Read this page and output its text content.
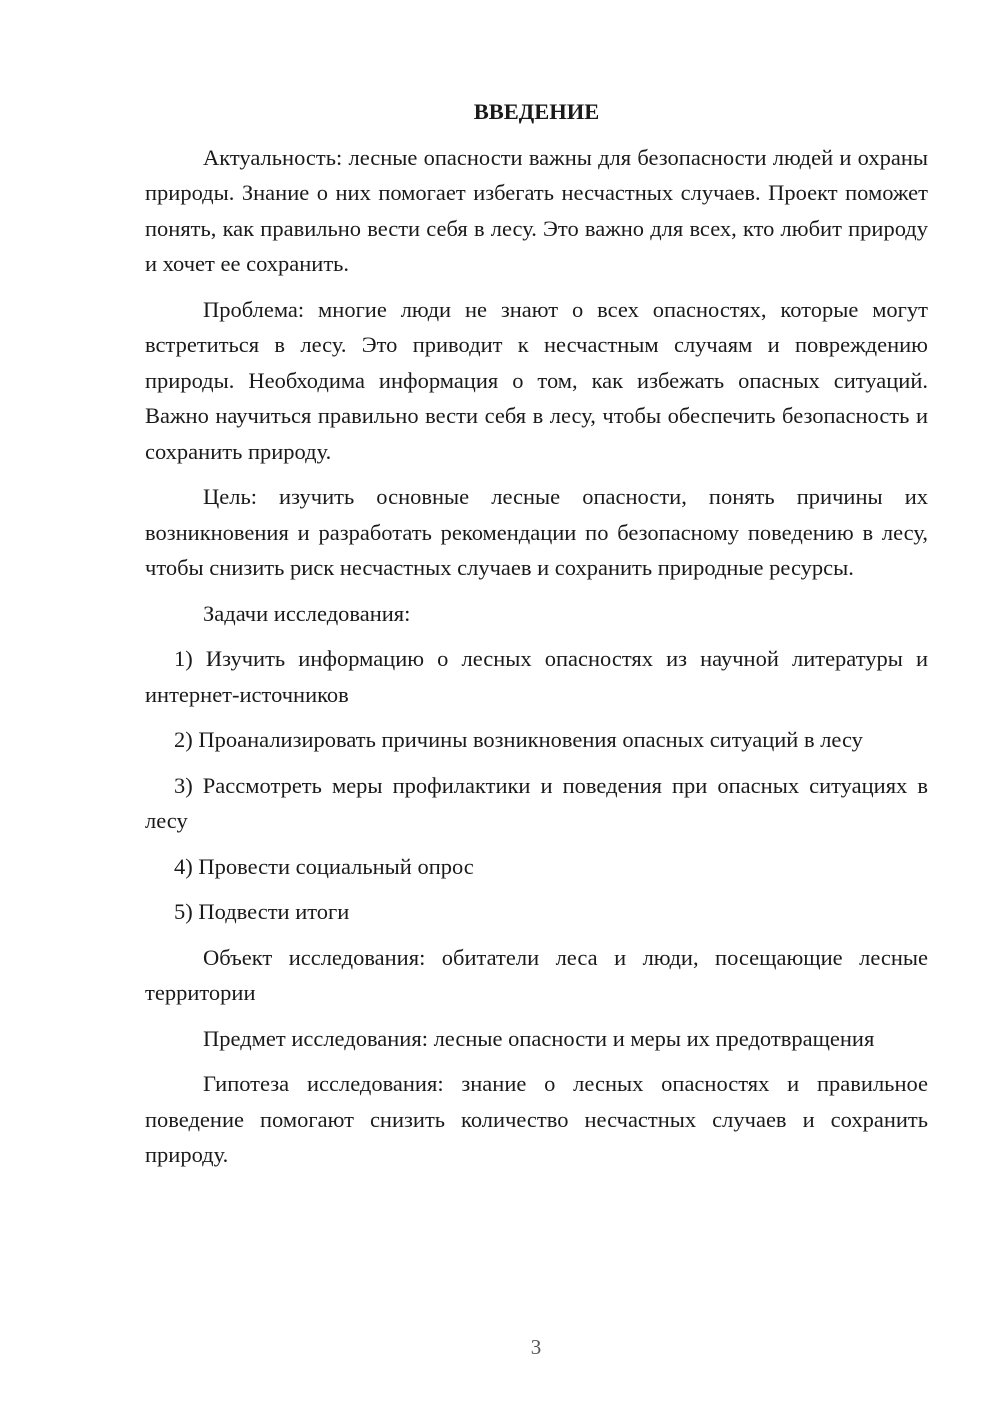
ВВЕДЕНИЕ

Актуальность: лесные опасности важны для безопасности людей и охраны природы. Знание о них помогает избегать несчастных случаев. Проект поможет понять, как правильно вести себя в лесу. Это важно для всех, кто любит природу и хочет ее сохранить.

Проблема: многие люди не знают о всех опасностях, которые могут встретиться в лесу. Это приводит к несчастным случаям и повреждению природы. Необходима информация о том, как избежать опасных ситуаций. Важно научиться правильно вести себя в лесу, чтобы обеспечить безопасность и сохранить природу.

Цель: изучить основные лесные опасности, понять причины их возникновения и разработать рекомендации по безопасному поведению в лесу, чтобы снизить риск несчастных случаев и сохранить природные ресурсы.

Задачи исследования:

1) Изучить информацию о лесных опасностях из научной литературы и интернет-источников

2) Проанализировать причины возникновения опасных ситуаций в лесу

3) Рассмотреть меры профилактики и поведения при опасных ситуациях в лесу

4) Провести социальный опрос

5) Подвести итоги

Объект исследования: обитатели леса и люди, посещающие лесные территории

Предмет исследования: лесные опасности и меры их предотвращения

Гипотеза исследования: знание о лесных опасностях и правильное поведение помогают снизить количество несчастных случаев и сохранить природу.

3
